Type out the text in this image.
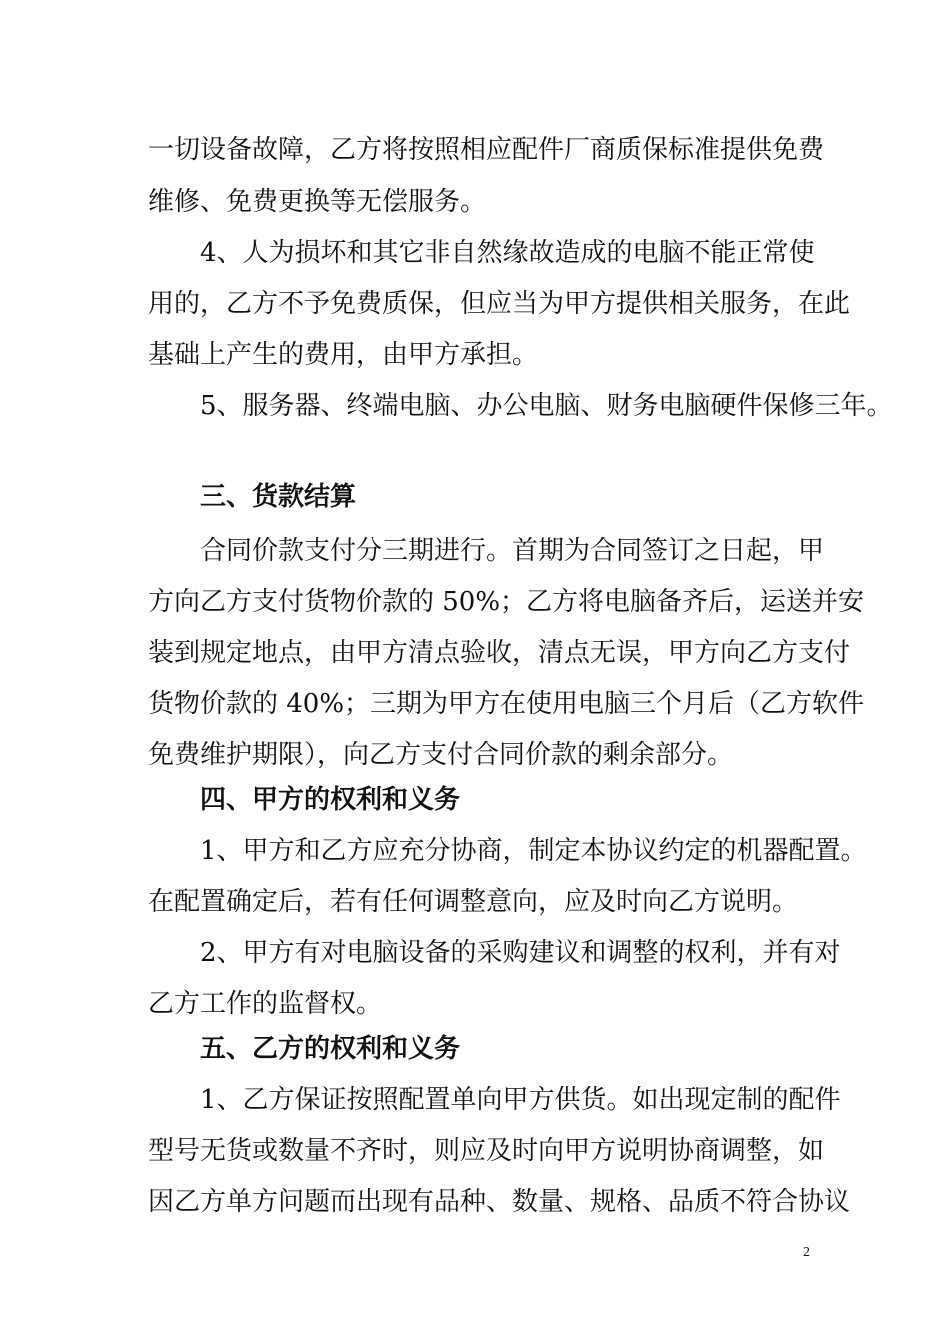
一切设备故障，乙方将按照相应配件厂商质保标准提供免费
维修、免费更换等无偿服务。
4、人为损坏和其它非自然缘故造成的电脑不能正常使
用的，乙方不予免费质保，但应当为甲方提供相关服务，在此
基础上产生的费用，由甲方承担。
5、服务器、终端电脑、办公电脑、财务电脑硬件保修三年。
三、货款结算
合同价款支付分三期进行。首期为合同签订之日起，甲
方向乙方支付货物价款的 50%；乙方将电脑备齐后，运送并安
装到规定地点，由甲方清点验收，清点无误，甲方向乙方支付
货物价款的 40%；三期为甲方在使用电脑三个月后（乙方软件
免费维护期限），向乙方支付合同价款的剩余部分。
四、甲方的权利和义务
1、甲方和乙方应充分协商，制定本协议约定的机器配置。
在配置确定后，若有任何调整意向，应及时向乙方说明。
2、甲方有对电脑设备的采购建议和调整的权利，并有对
乙方工作的监督权。
五、乙方的权利和义务
1、乙方保证按照配置单向甲方供货。如出现定制的配件
型号无货或数量不齐时，则应及时向甲方说明协商调整，如
因乙方单方问题而出现有品种、数量、规格、品质不符合协议
2
